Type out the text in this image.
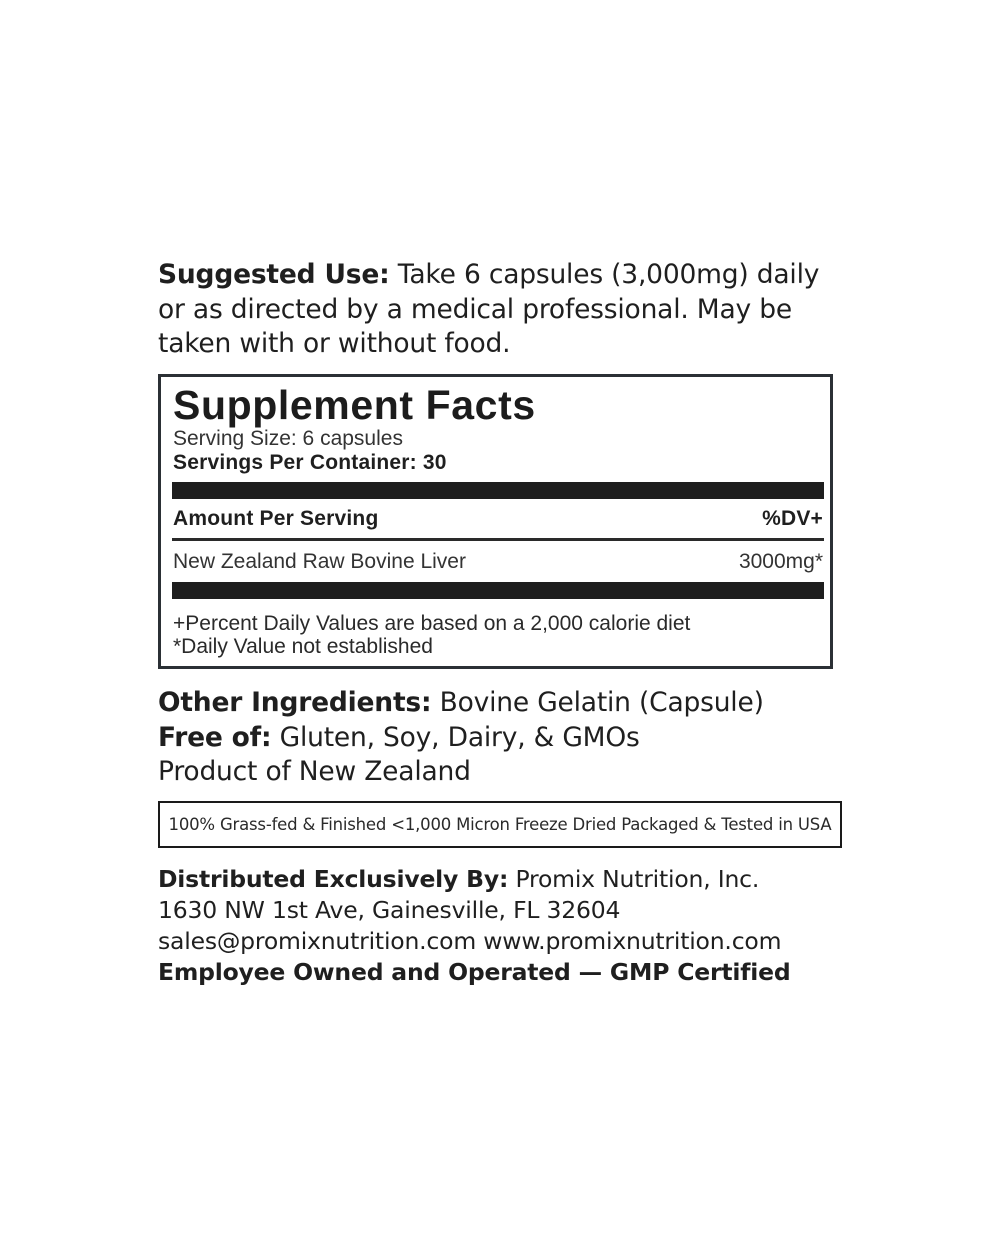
Suggested Use: Take 6 capsules (3,000mg) daily or as directed by a medical professional. May be taken with or without food.
Supplement Facts
Serving Size: 6 capsules
Servings Per Container: 30
Amount Per Serving	%DV+
New Zealand Raw Bovine Liver	3000mg*
+Percent Daily Values are based on a 2,000 calorie diet
*Daily Value not established
Other Ingredients: Bovine Gelatin (Capsule)
Free of: Gluten, Soy, Dairy, & GMOs
Product of New Zealand
100% Grass-fed & Finished <1,000 Micron Freeze Dried Packaged & Tested in USA
Distributed Exclusively By: Promix Nutrition, Inc.
1630 NW 1st Ave, Gainesville, FL 32604
sales@promixnutrition.com www.promixnutrition.com
Employee Owned and Operated — GMP Certified
